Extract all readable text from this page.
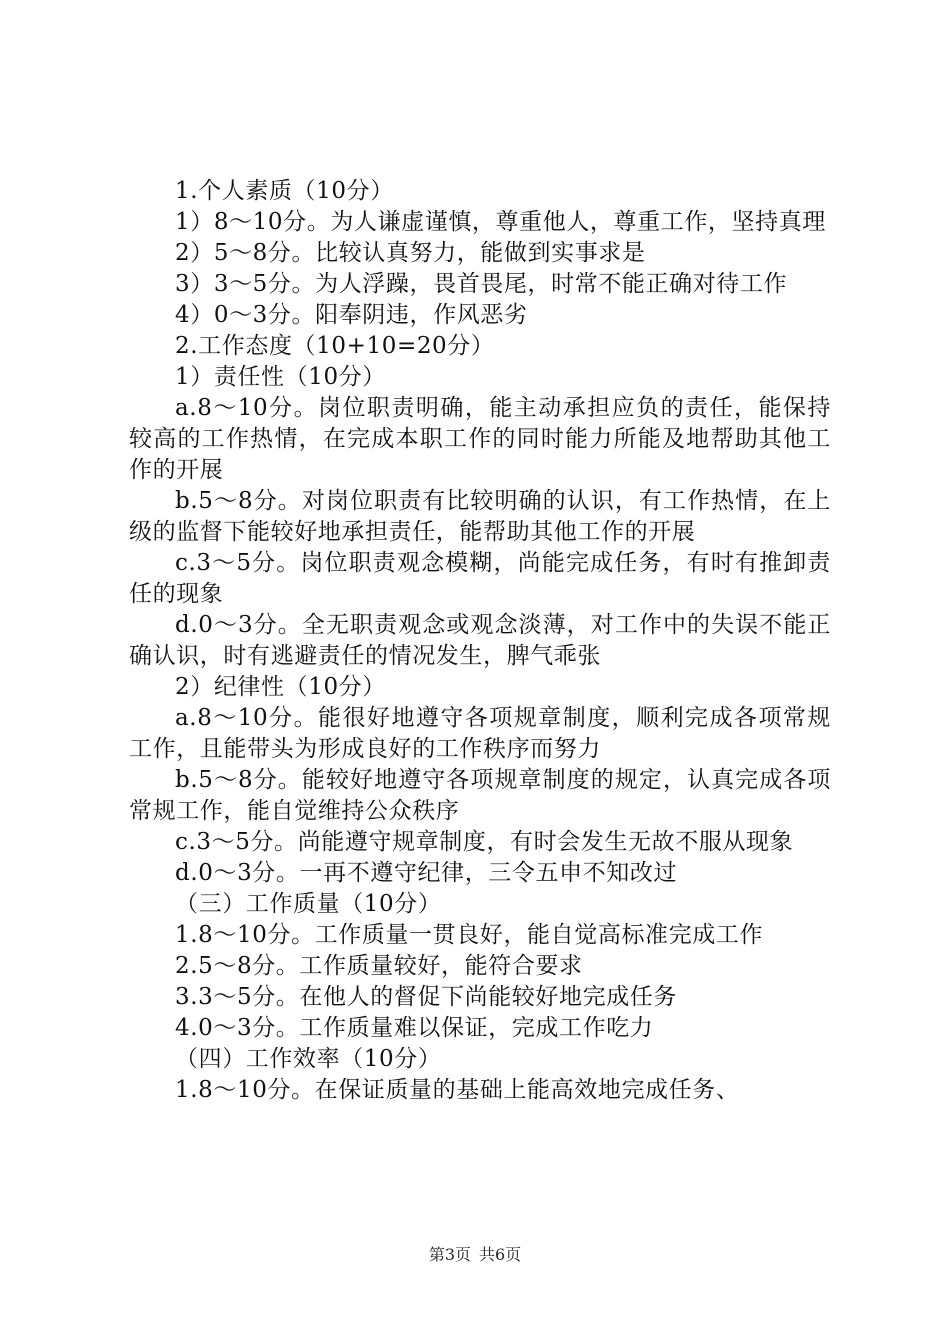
1.个人素质（10分）

1）8～10分。为人谦虚谨慎，尊重他人，尊重工作，坚持真理

2）5～8分。比较认真努力，能做到实事求是

3）3～5分。为人浮躁，畏首畏尾，时常不能正确对待工作

4）0～3分。阳奉阴违，作风恶劣

2.工作态度（10+10=20分）

1）责任性（10分）

a.8～10分。岗位职责明确，能主动承担应负的责任，能保持较高的工作热情，在完成本职工作的同时能力所能及地帮助其他工作的开展

b.5～8分。对岗位职责有比较明确的认识，有工作热情，在上级的监督下能较好地承担责任，能帮助其他工作的开展

c.3～5分。岗位职责观念模糊，尚能完成任务，有时有推卸责任的现象

d.0～3分。全无职责观念或观念淡薄，对工作中的失误不能正确认识，时有逃避责任的情况发生，脾气乖张

2）纪律性（10分）

a.8～10分。能很好地遵守各项规章制度，顺利完成各项常规工作，且能带头为形成良好的工作秩序而努力

b.5～8分。能较好地遵守各项规章制度的规定，认真完成各项常规工作，能自觉维持公众秩序

c.3～5分。尚能遵守规章制度，有时会发生无故不服从现象

d.0～3分。一再不遵守纪律，三令五申不知改过

（三）工作质量（10分）

1.8～10分。工作质量一贯良好，能自觉高标准完成工作

2.5～8分。工作质量较好，能符合要求

3.3～5分。在他人的督促下尚能较好地完成任务

4.0～3分。工作质量难以保证，完成工作吃力

（四）工作效率（10分）

1.8～10分。在保证质量的基础上能高效地完成任务、

第3页 共6页
